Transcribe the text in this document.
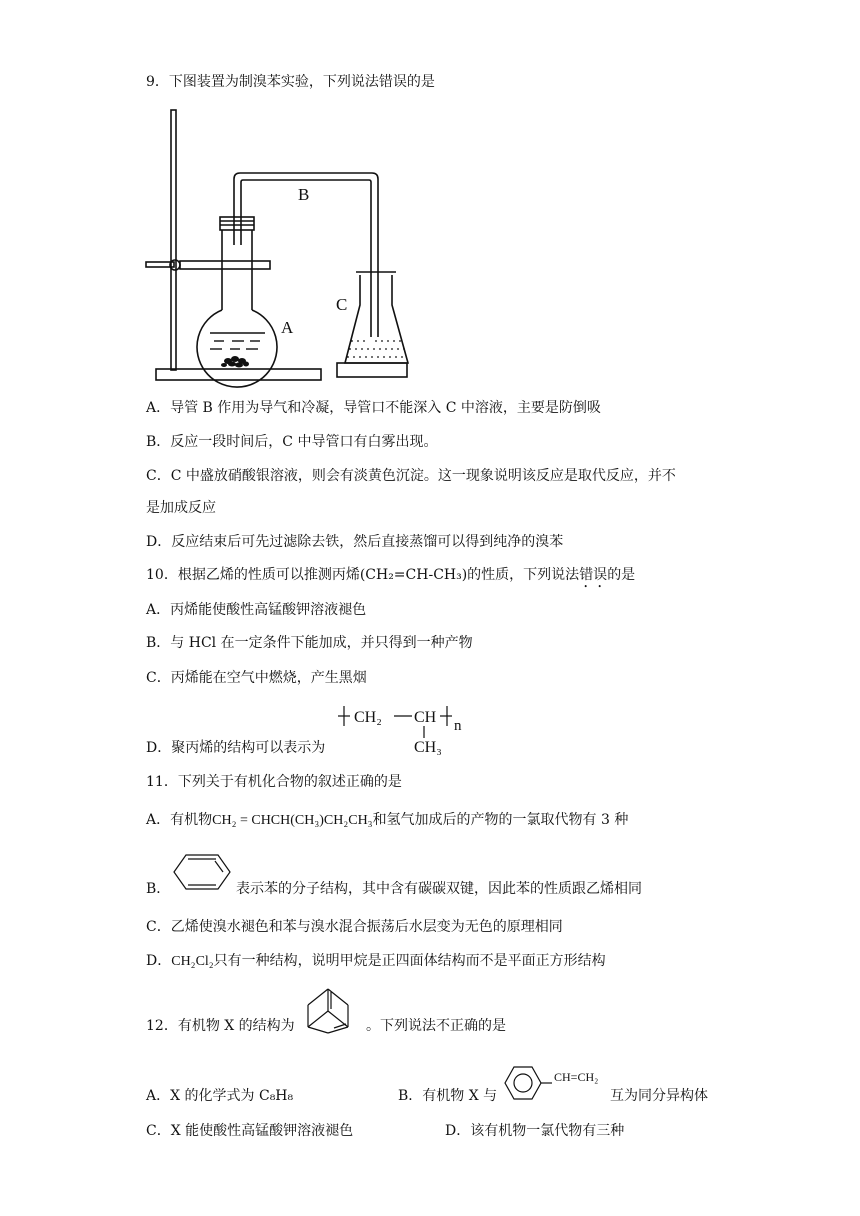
9．下图装置为制溴苯实验，下列说法错误的是
B
C
A
A．导管 B 作用为导气和冷凝，导管口不能深入 C 中溶液，主要是防倒吸
B．反应一段时间后，C 中导管口有白雾出现。
C．C 中盛放硝酸银溶液，则会有淡黄色沉淀。这一现象说明该反应是取代反应，并不
是加成反应
D．反应结束后可先过滤除去铁，然后直接蒸馏可以得到纯净的溴苯
10．根据乙烯的性质可以推测丙烯(CH₂=CH-CH₃)的性质，下列说法错误的是
A．丙烯能使酸性高锰酸钾溶液褪色
B．与 HCl 在一定条件下能加成，并只得到一种产物
C．丙烯能在空气中燃烧，产生黑烟
D．聚丙烯的结构可以表示为
CH₂ CH n
CH₃
11．下列关于有机化合物的叙述正确的是
A．有机物CH₂ = CHCH(CH₃)CH₂CH₃和氢气加成后的产物的一氯取代物有 3 种
B．	表示苯的分子结构，其中含有碳碳双键，因此苯的性质跟乙烯相同
C．乙烯使溴水褪色和苯与溴水混合振荡后水层变为无色的原理相同
D．CH₂Cl₂只有一种结构，说明甲烷是正四面体结构而不是平面正方形结构
12．有机物 X 的结构为	。下列说法不正确的是
A．X 的化学式为 C₈H₈	B．有机物 X 与
CH=CH₂
互为同分异构体
C．X 能使酸性高锰酸钾溶液褪色	D．该有机物一氯代物有三种
